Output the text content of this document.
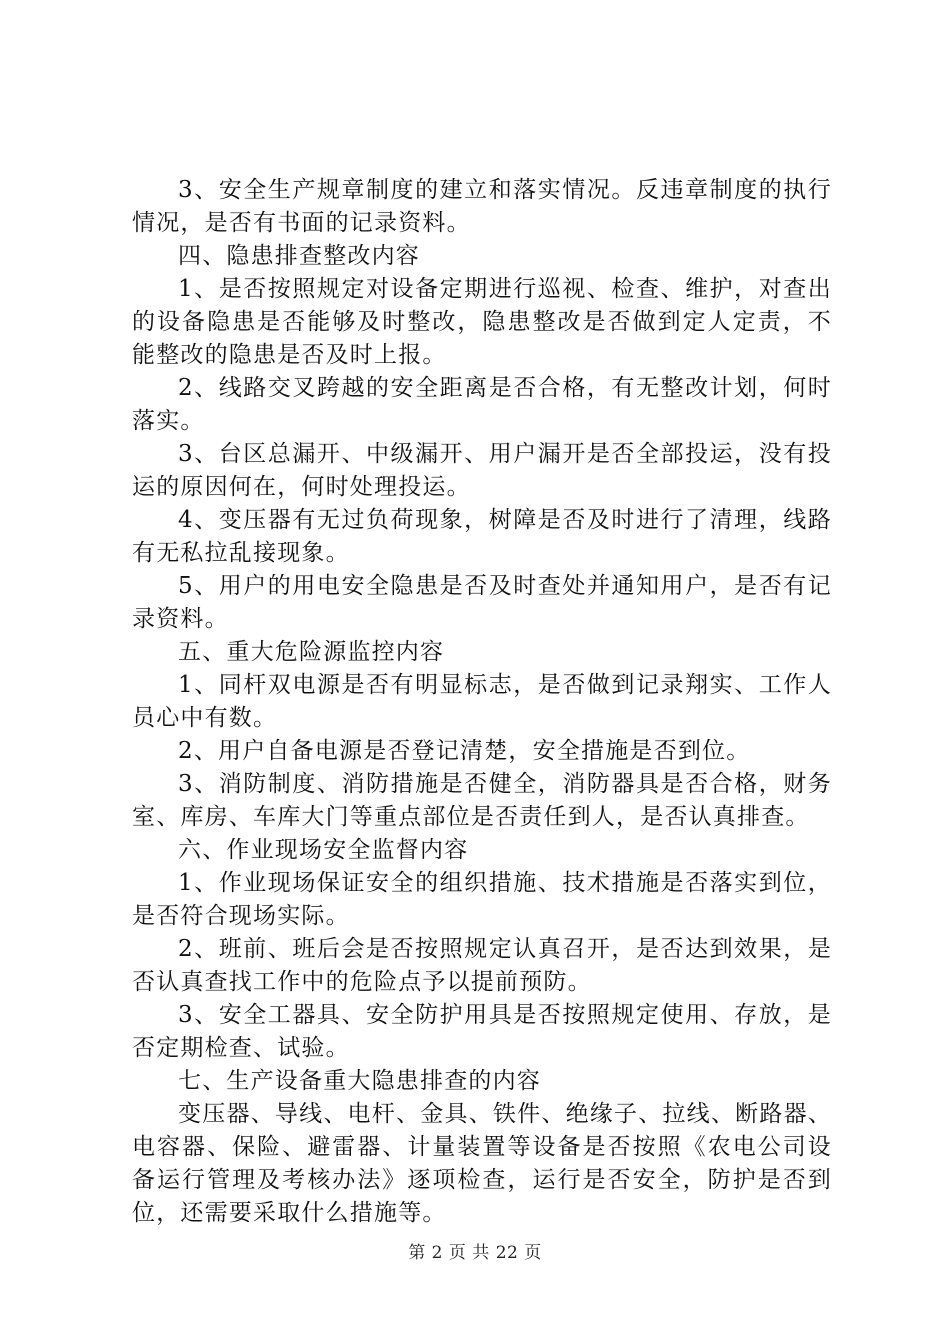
3、安全生产规章制度的建立和落实情况。反违章制度的执行情况，是否有书面的记录资料。

四、隐患排查整改内容

1、是否按照规定对设备定期进行巡视、检查、维护，对查出的设备隐患是否能够及时整改，隐患整改是否做到定人定责，不能整改的隐患是否及时上报。

2、线路交叉跨越的安全距离是否合格，有无整改计划，何时落实。

3、台区总漏开、中级漏开、用户漏开是否全部投运，没有投运的原因何在，何时处理投运。

4、变压器有无过负荷现象，树障是否及时进行了清理，线路有无私拉乱接现象。

5、用户的用电安全隐患是否及时查处并通知用户，是否有记录资料。

五、重大危险源监控内容

1、同杆双电源是否有明显标志，是否做到记录翔实、工作人员心中有数。

2、用户自备电源是否登记清楚，安全措施是否到位。

3、消防制度、消防措施是否健全，消防器具是否合格，财务室、库房、车库大门等重点部位是否责任到人，是否认真排查。

六、作业现场安全监督内容

1、作业现场保证安全的组织措施、技术措施是否落实到位，是否符合现场实际。

2、班前、班后会是否按照规定认真召开，是否达到效果，是否认真查找工作中的危险点予以提前预防。

3、安全工器具、安全防护用具是否按照规定使用、存放，是否定期检查、试验。

七、生产设备重大隐患排查的内容

变压器、导线、电杆、金具、铁件、绝缘子、拉线、断路器、电容器、保险、避雷器、计量装置等设备是否按照《农电公司设备运行管理及考核办法》逐项检查，运行是否安全，防护是否到位，还需要采取什么措施等。

第 2 页 共 22 页
